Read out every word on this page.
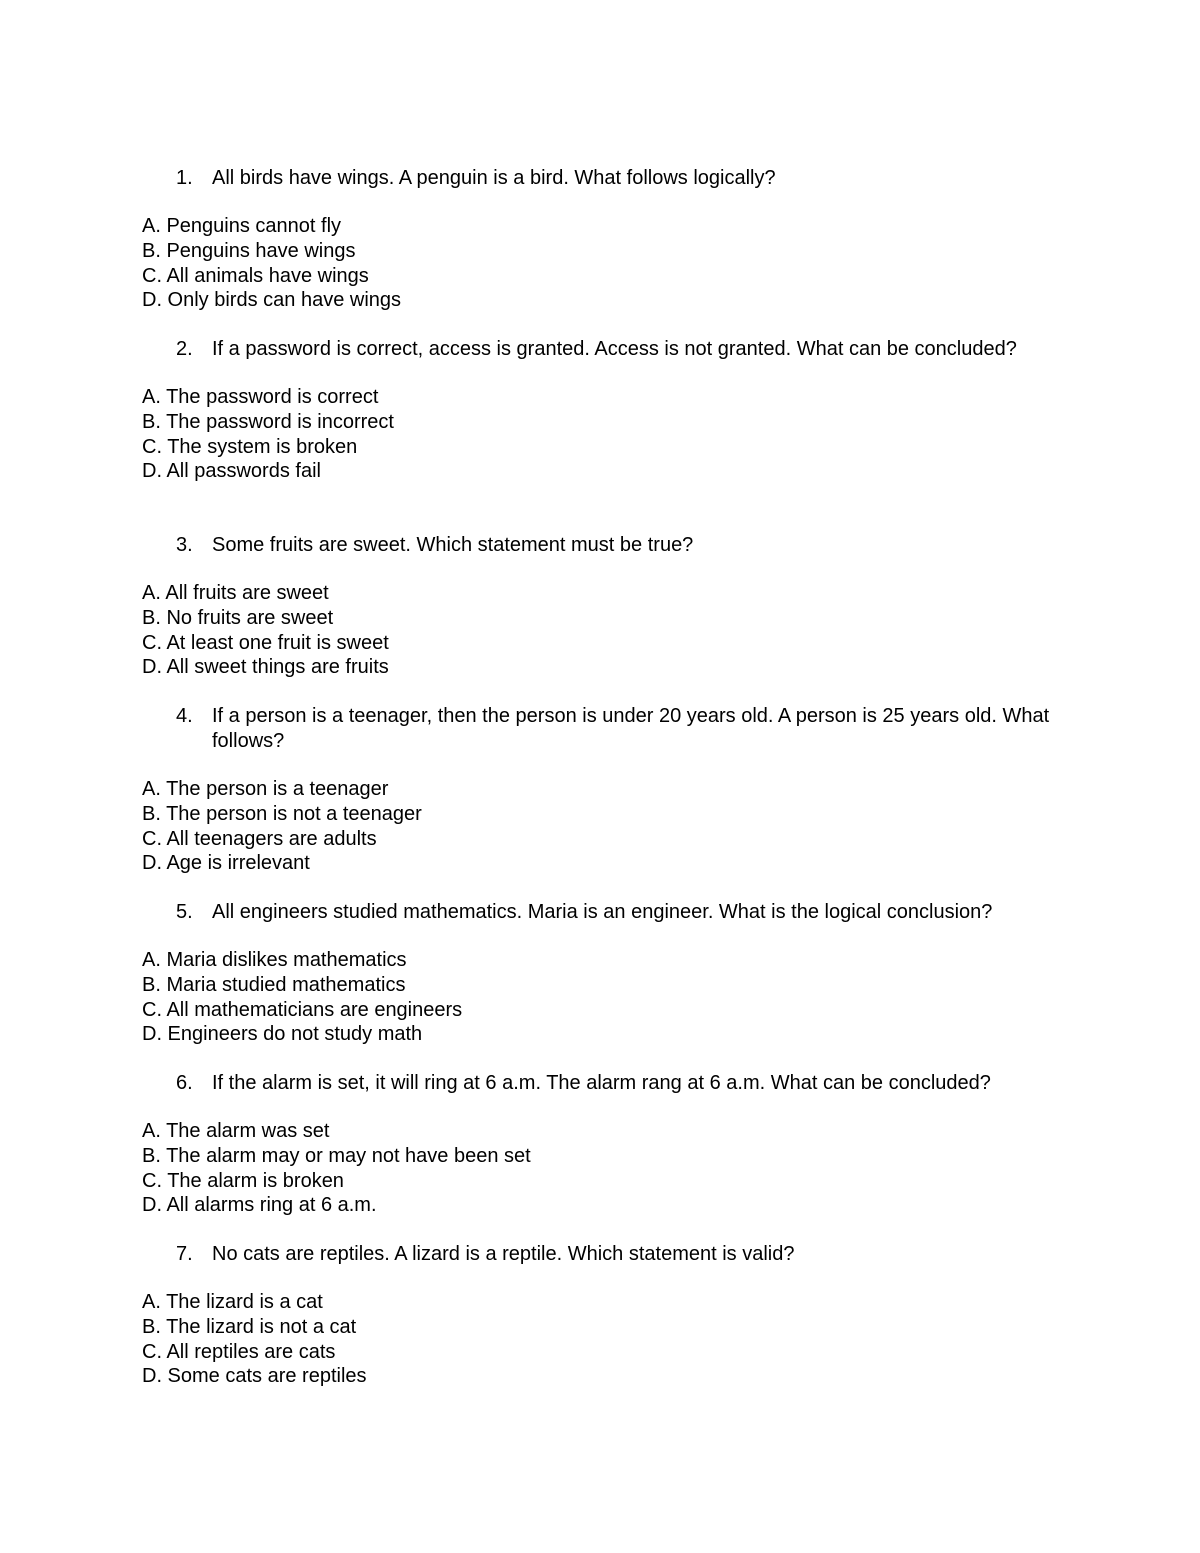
1. All birds have wings. A penguin is a bird. What follows logically?
A. Penguins cannot fly
B. Penguins have wings
C. All animals have wings
D. Only birds can have wings
2. If a password is correct, access is granted. Access is not granted. What can be concluded?
A. The password is correct
B. The password is incorrect
C. The system is broken
D. All passwords fail
3. Some fruits are sweet. Which statement must be true?
A. All fruits are sweet
B. No fruits are sweet
C. At least one fruit is sweet
D. All sweet things are fruits
4. If a person is a teenager, then the person is under 20 years old. A person is 25 years old. What follows?
A. The person is a teenager
B. The person is not a teenager
C. All teenagers are adults
D. Age is irrelevant
5. All engineers studied mathematics. Maria is an engineer. What is the logical conclusion?
A. Maria dislikes mathematics
B. Maria studied mathematics
C. All mathematicians are engineers
D. Engineers do not study math
6. If the alarm is set, it will ring at 6 a.m. The alarm rang at 6 a.m. What can be concluded?
A. The alarm was set
B. The alarm may or may not have been set
C. The alarm is broken
D. All alarms ring at 6 a.m.
7. No cats are reptiles. A lizard is a reptile. Which statement is valid?
A. The lizard is a cat
B. The lizard is not a cat
C. All reptiles are cats
D. Some cats are reptiles
